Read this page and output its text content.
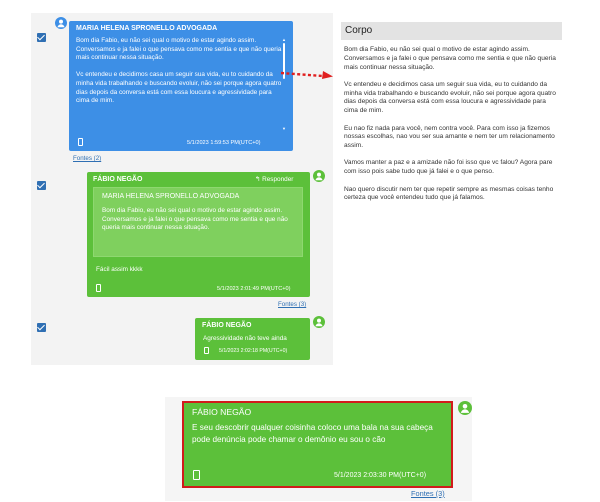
MARIA HELENA SPRONELLO ADVOGADA
Bom dia Fabio, eu não sei qual o motivo de estar agindo assim.
Conversamos e ja falei o que pensava como me sentia e que não queria mais continuar nessa situação.

Vc entendeu e decidimos casa um seguir sua vida, eu to cuidando da minha vida trabalhando e buscando evoluir, não sei porque agora quatro dias depois da conversa está com essa loucura e agressividade para cima de mim.
▲
▼
5/1/2023 1:59:53 PM(UTC+0)
Fontes (2)
FÁBIO NEGÃO	↰ Responder
MARIA HELENA SPRONELLO ADVOGADA
Bom dia Fabio, eu não sei qual o motivo de estar agindo assim.
Conversamos e ja falei o que pensava como me sentia e que não queria mais continuar nessa situação.
Fácil assim kkkk
5/1/2023 2:01:49 PM(UTC+0)
Fontes (3)
FÁBIO NEGÃO
Agressividade não teve ainda
5/1/2023 2:02:18 PM(UTC+0)
Corpo

Bom dia Fabio, eu não sei qual o motivo de estar agindo assim. Conversamos e ja falei o que pensava como me sentia e que não queria mais continuar nessa situação.

Vc entendeu e decidimos casa um seguir sua vida, eu to cuidando da minha vida trabalhando e buscando evoluir, não sei porque agora quatro dias depois da conversa está com essa loucura e agressividade para cima de mim.

Eu nao fiz nada para você, nem contra você. Para com isso ja fizemos nossas escolhas, nao vou ser sua amante e nem ter um relacionamento assim.

Vamos manter a paz e a amizade não foi isso que vc falou? Agora pare com isso pois sabe tudo que já falei e o que penso.

Nao quero discutir nem ter que repetir sempre as mesmas coisas tenho certeza que você entendeu tudo que já falamos.

FÁBIO NEGÃO
E seu descobrir qualquer coisinha coloco uma bala na sua cabeça pode denúncia pode chamar o demônio eu sou o cão
5/1/2023 2:03:30 PM(UTC+0)
Fontes (3)
